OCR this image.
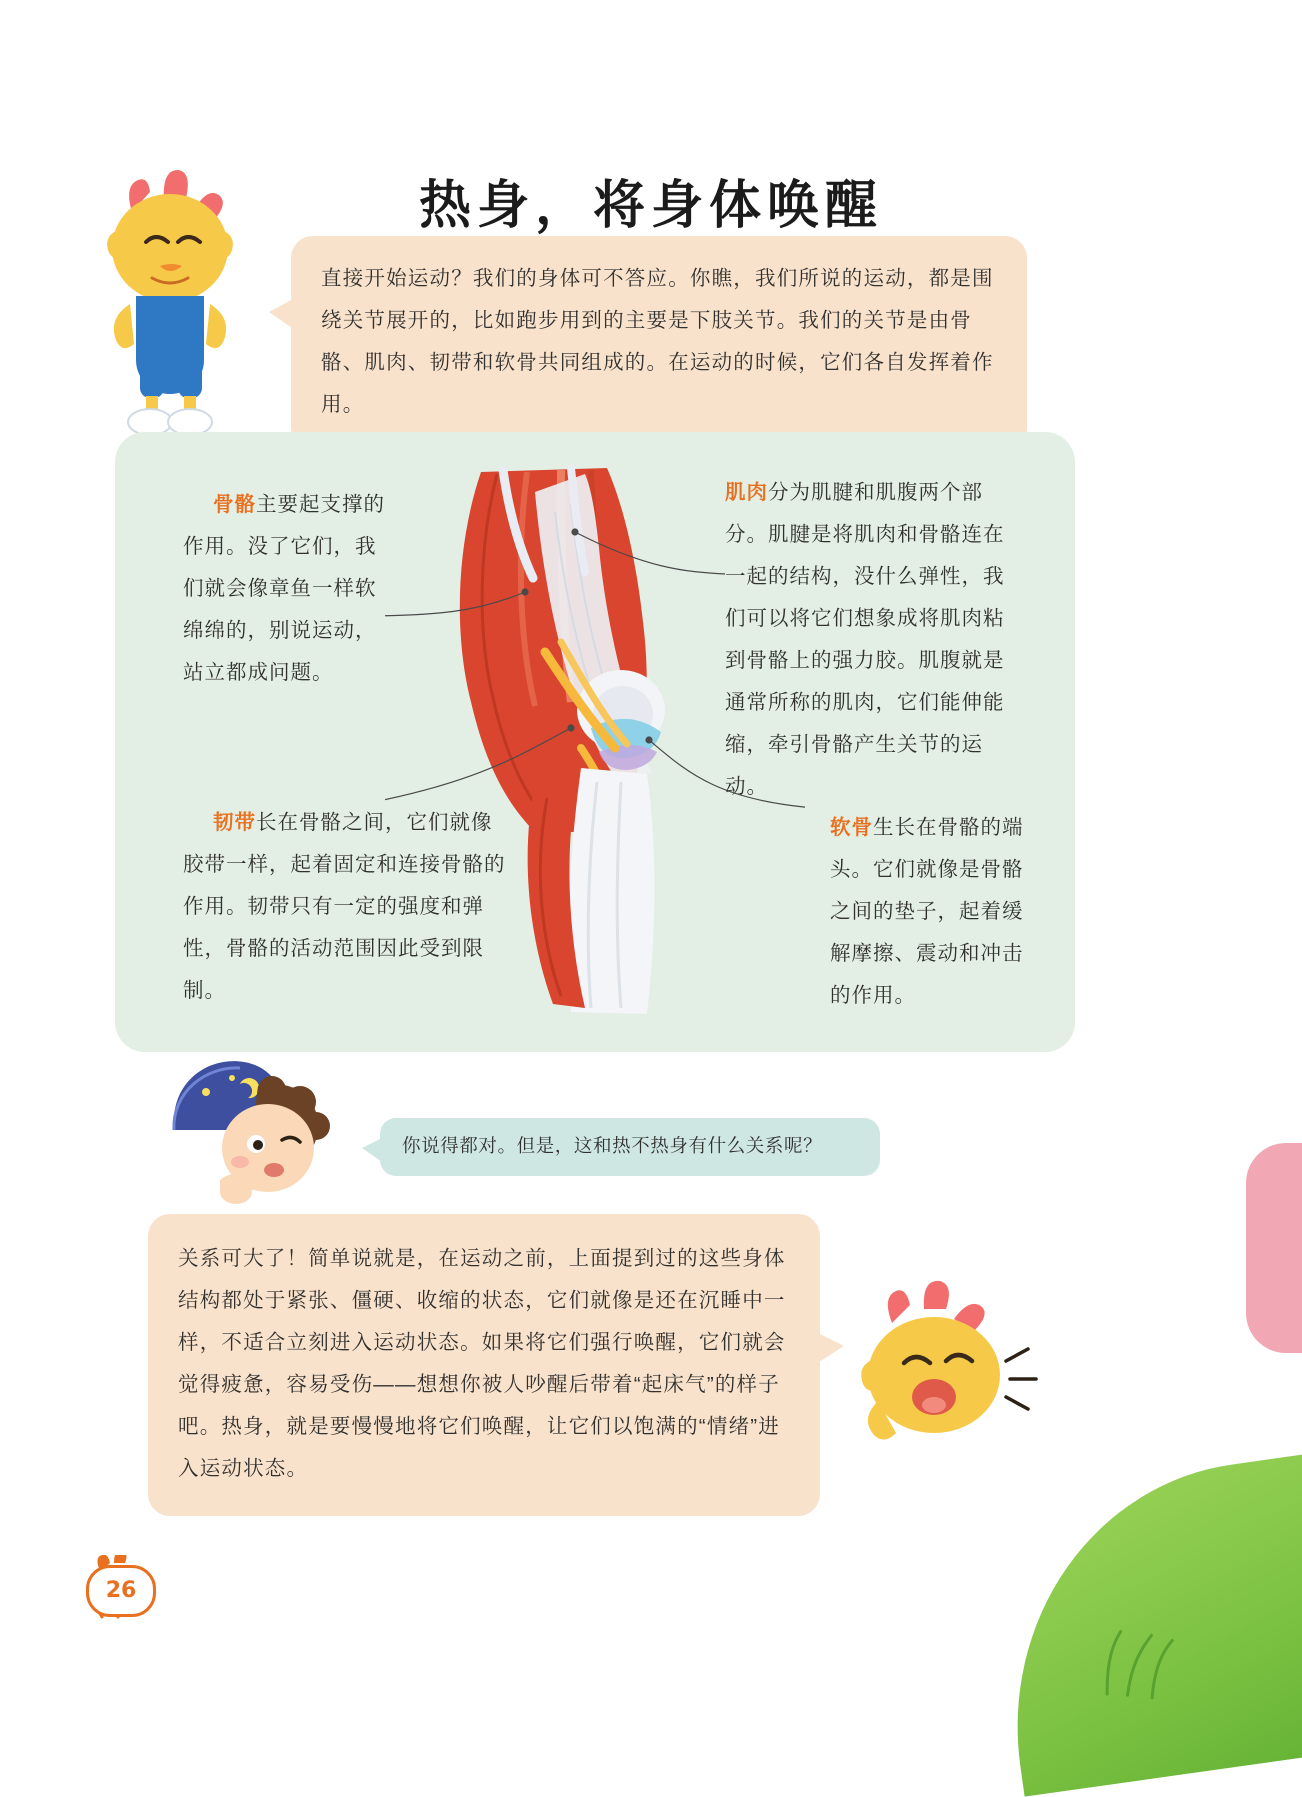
热身，将身体唤醒

直接开始运动？我们的身体可不答应。你瞧，我们所说的运动，都是围绕关节展开的，比如跑步用到的主要是下肢关节。我们的关节是由骨骼、肌肉、韧带和软骨共同组成的。在运动的时候，它们各自发挥着作用。

骨骼主要起支撑的作用。没了它们，我们就会像章鱼一样软绵绵的，别说运动，站立都成问题。
肌肉分为肌腱和肌腹两个部分。肌腱是将肌肉和骨骼连在一起的结构，没什么弹性，我们可以将它们想象成将肌肉粘到骨骼上的强力胶。肌腹就是通常所称的肌肉，它们能伸能缩，牵引骨骼产生关节的运动。
韧带长在骨骼之间，它们就像胶带一样，起着固定和连接骨骼的作用。韧带只有一定的强度和弹性，骨骼的活动范围因此受到限制。
软骨生长在骨骼的端头。它们就像是骨骼之间的垫子，起着缓解摩擦、震动和冲击的作用。

你说得都对。但是，这和热不热身有什么关系呢？

关系可大了！简单说就是，在运动之前，上面提到过的这些身体结构都处于紧张、僵硬、收缩的状态，它们就像是还在沉睡中一样，不适合立刻进入运动状态。如果将它们强行唤醒，它们就会觉得疲惫，容易受伤——想想你被人吵醒后带着“起床气”的样子吧。热身，就是要慢慢地将它们唤醒，让它们以饱满的“情绪”进入运动状态。

26
